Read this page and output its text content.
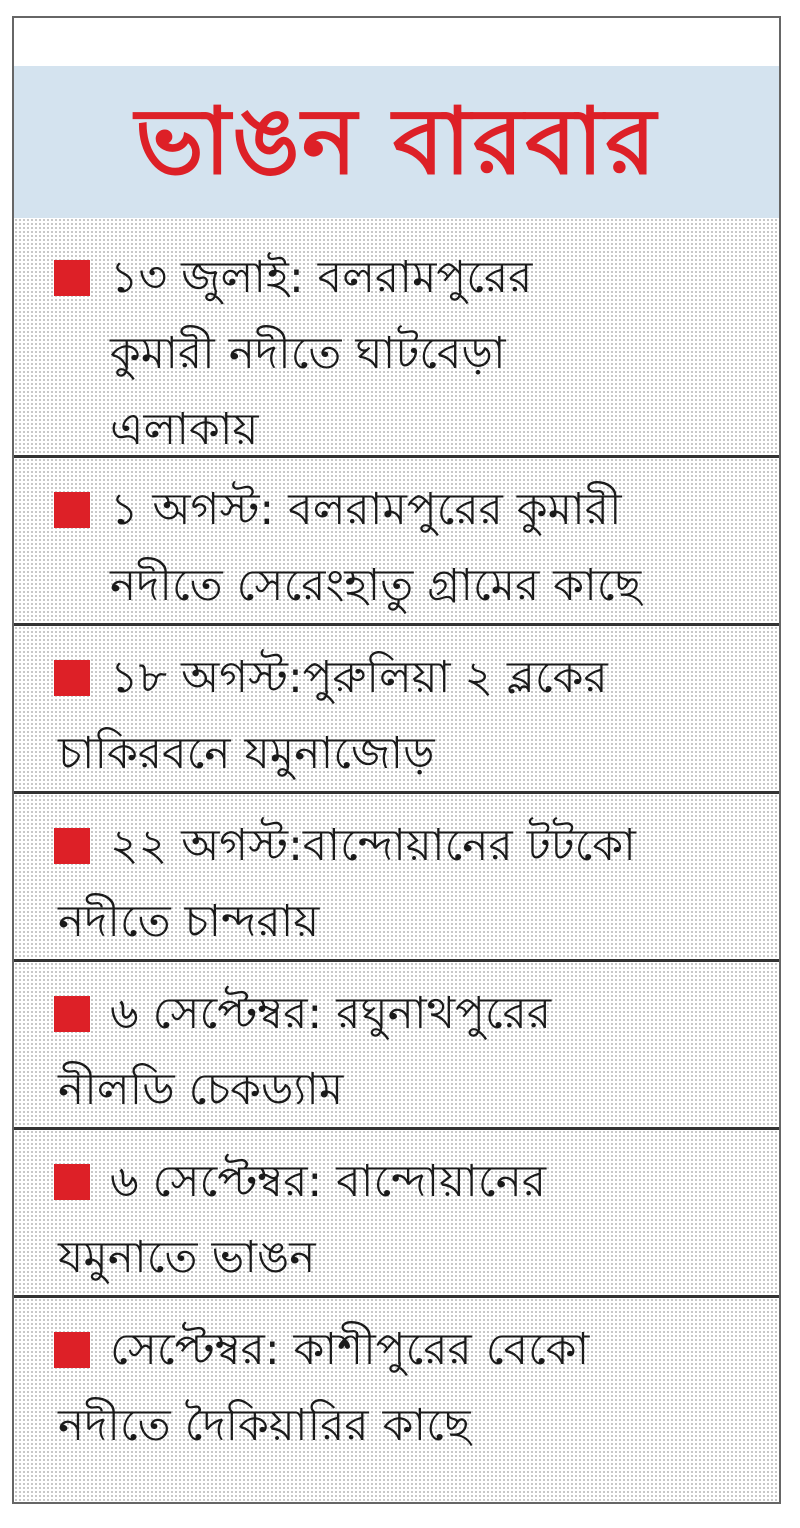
ভাঙন বারবার
১৩ জুলাই: বলরামপুরের
কুমারী নদীতে ঘাটবেড়া
এলাকায়
১ অগস্ট: বলরামপুরের কুমারী
নদীতে সেরেংহাতু গ্রামের কাছে
১৮ অগস্ট:পুরুলিয়া ২ ব্লকের
চাকিরবনে যমুনাজোড়
২২ অগস্ট:বান্দোয়ানের টটকো
নদীতে চান্দরায়
৬ সেপ্টেম্বর: রঘুনাথপুরের
নীলডি চেকড্যাম
৬ সেপ্টেম্বর: বান্দোয়ানের
যমুনাতে ভাঙন
সেপ্টেম্বর: কাশীপুরের বেকো
নদীতে দৈকিয়ারির কাছে
